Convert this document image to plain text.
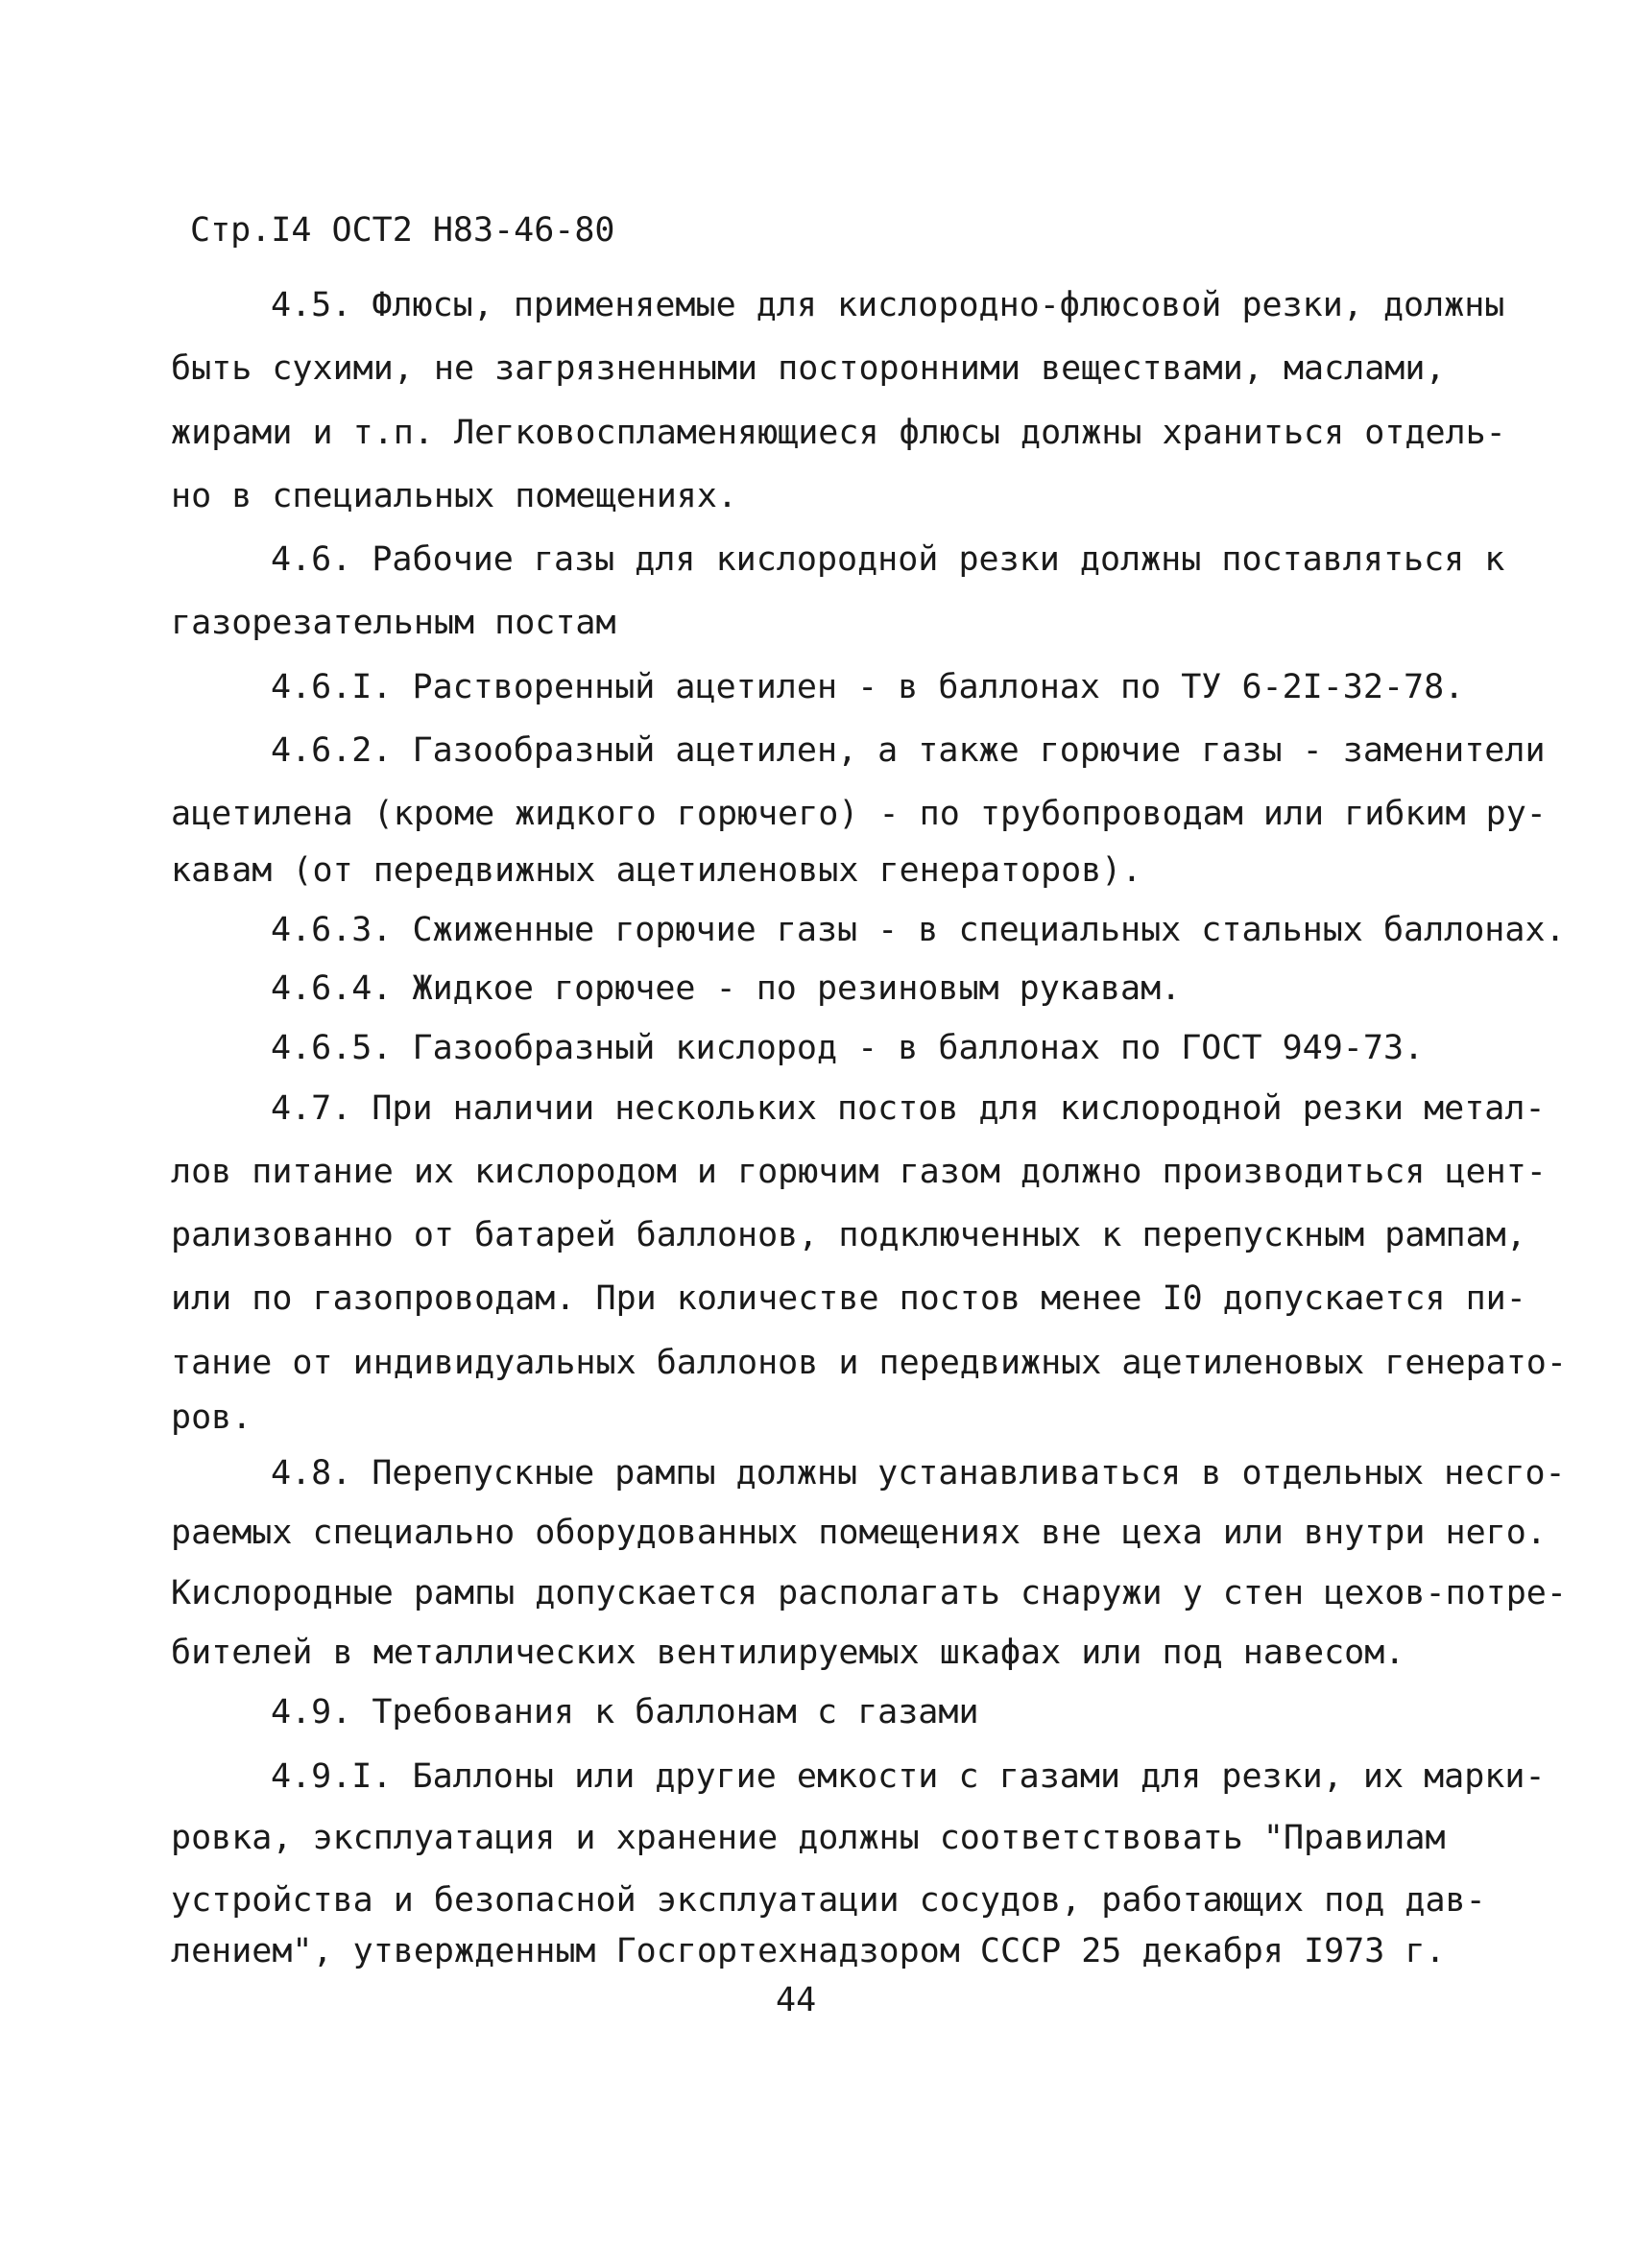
Стр.I4 ОСТ2 Н83-46-80
4.5. Флюсы, применяемые для кислородно-флюсовой резки, должны
быть сухими, не загрязненными посторонними веществами, маслами,
жирами и т.п. Легковоспламеняющиеся флюсы должны храниться отдель-
но в специальных помещениях.
4.6. Рабочие газы для кислородной резки должны поставляться к
газорезательным постам
4.6.I. Растворенный ацетилен - в баллонах по ТУ 6-2I-32-78.
4.6.2. Газообразный ацетилен, а также горючие газы - заменители
ацетилена (кроме жидкого горючего) - по трубопроводам или гибким ру-
кавам (от передвижных ацетиленовых генераторов).
4.6.3. Сжиженные горючие газы - в специальных стальных баллонах.
4.6.4. Жидкое горючее - по резиновым рукавам.
4.6.5. Газообразный кислород - в баллонах по ГОСТ 949-73.
4.7. При наличии нескольких постов для кислородной резки метал-
лов питание их кислородом и горючим газом должно производиться цент-
рализованно от батарей баллонов, подключенных к перепускным рампам,
или по газопроводам. При количестве постов менее I0 допускается пи-
тание от индивидуальных баллонов и передвижных ацетиленовых генерато-
ров.
4.8. Перепускные рампы должны устанавливаться в отдельных несго-
раемых специально оборудованных помещениях вне цеха или внутри него.
Кислородные рампы допускается располагать снаружи у стен цехов-потре-
бителей в металлических вентилируемых шкафах или под навесом.
4.9. Требования к баллонам с газами
4.9.I. Баллоны или другие емкости с газами для резки, их марки-
ровка, эксплуатация и хранение должны соответствовать "Правилам
устройства и безопасной эксплуатации сосудов, работающих под дав-
лением", утвержденным Госгортехнадзором СССР 25 декабря I973 г.
44
